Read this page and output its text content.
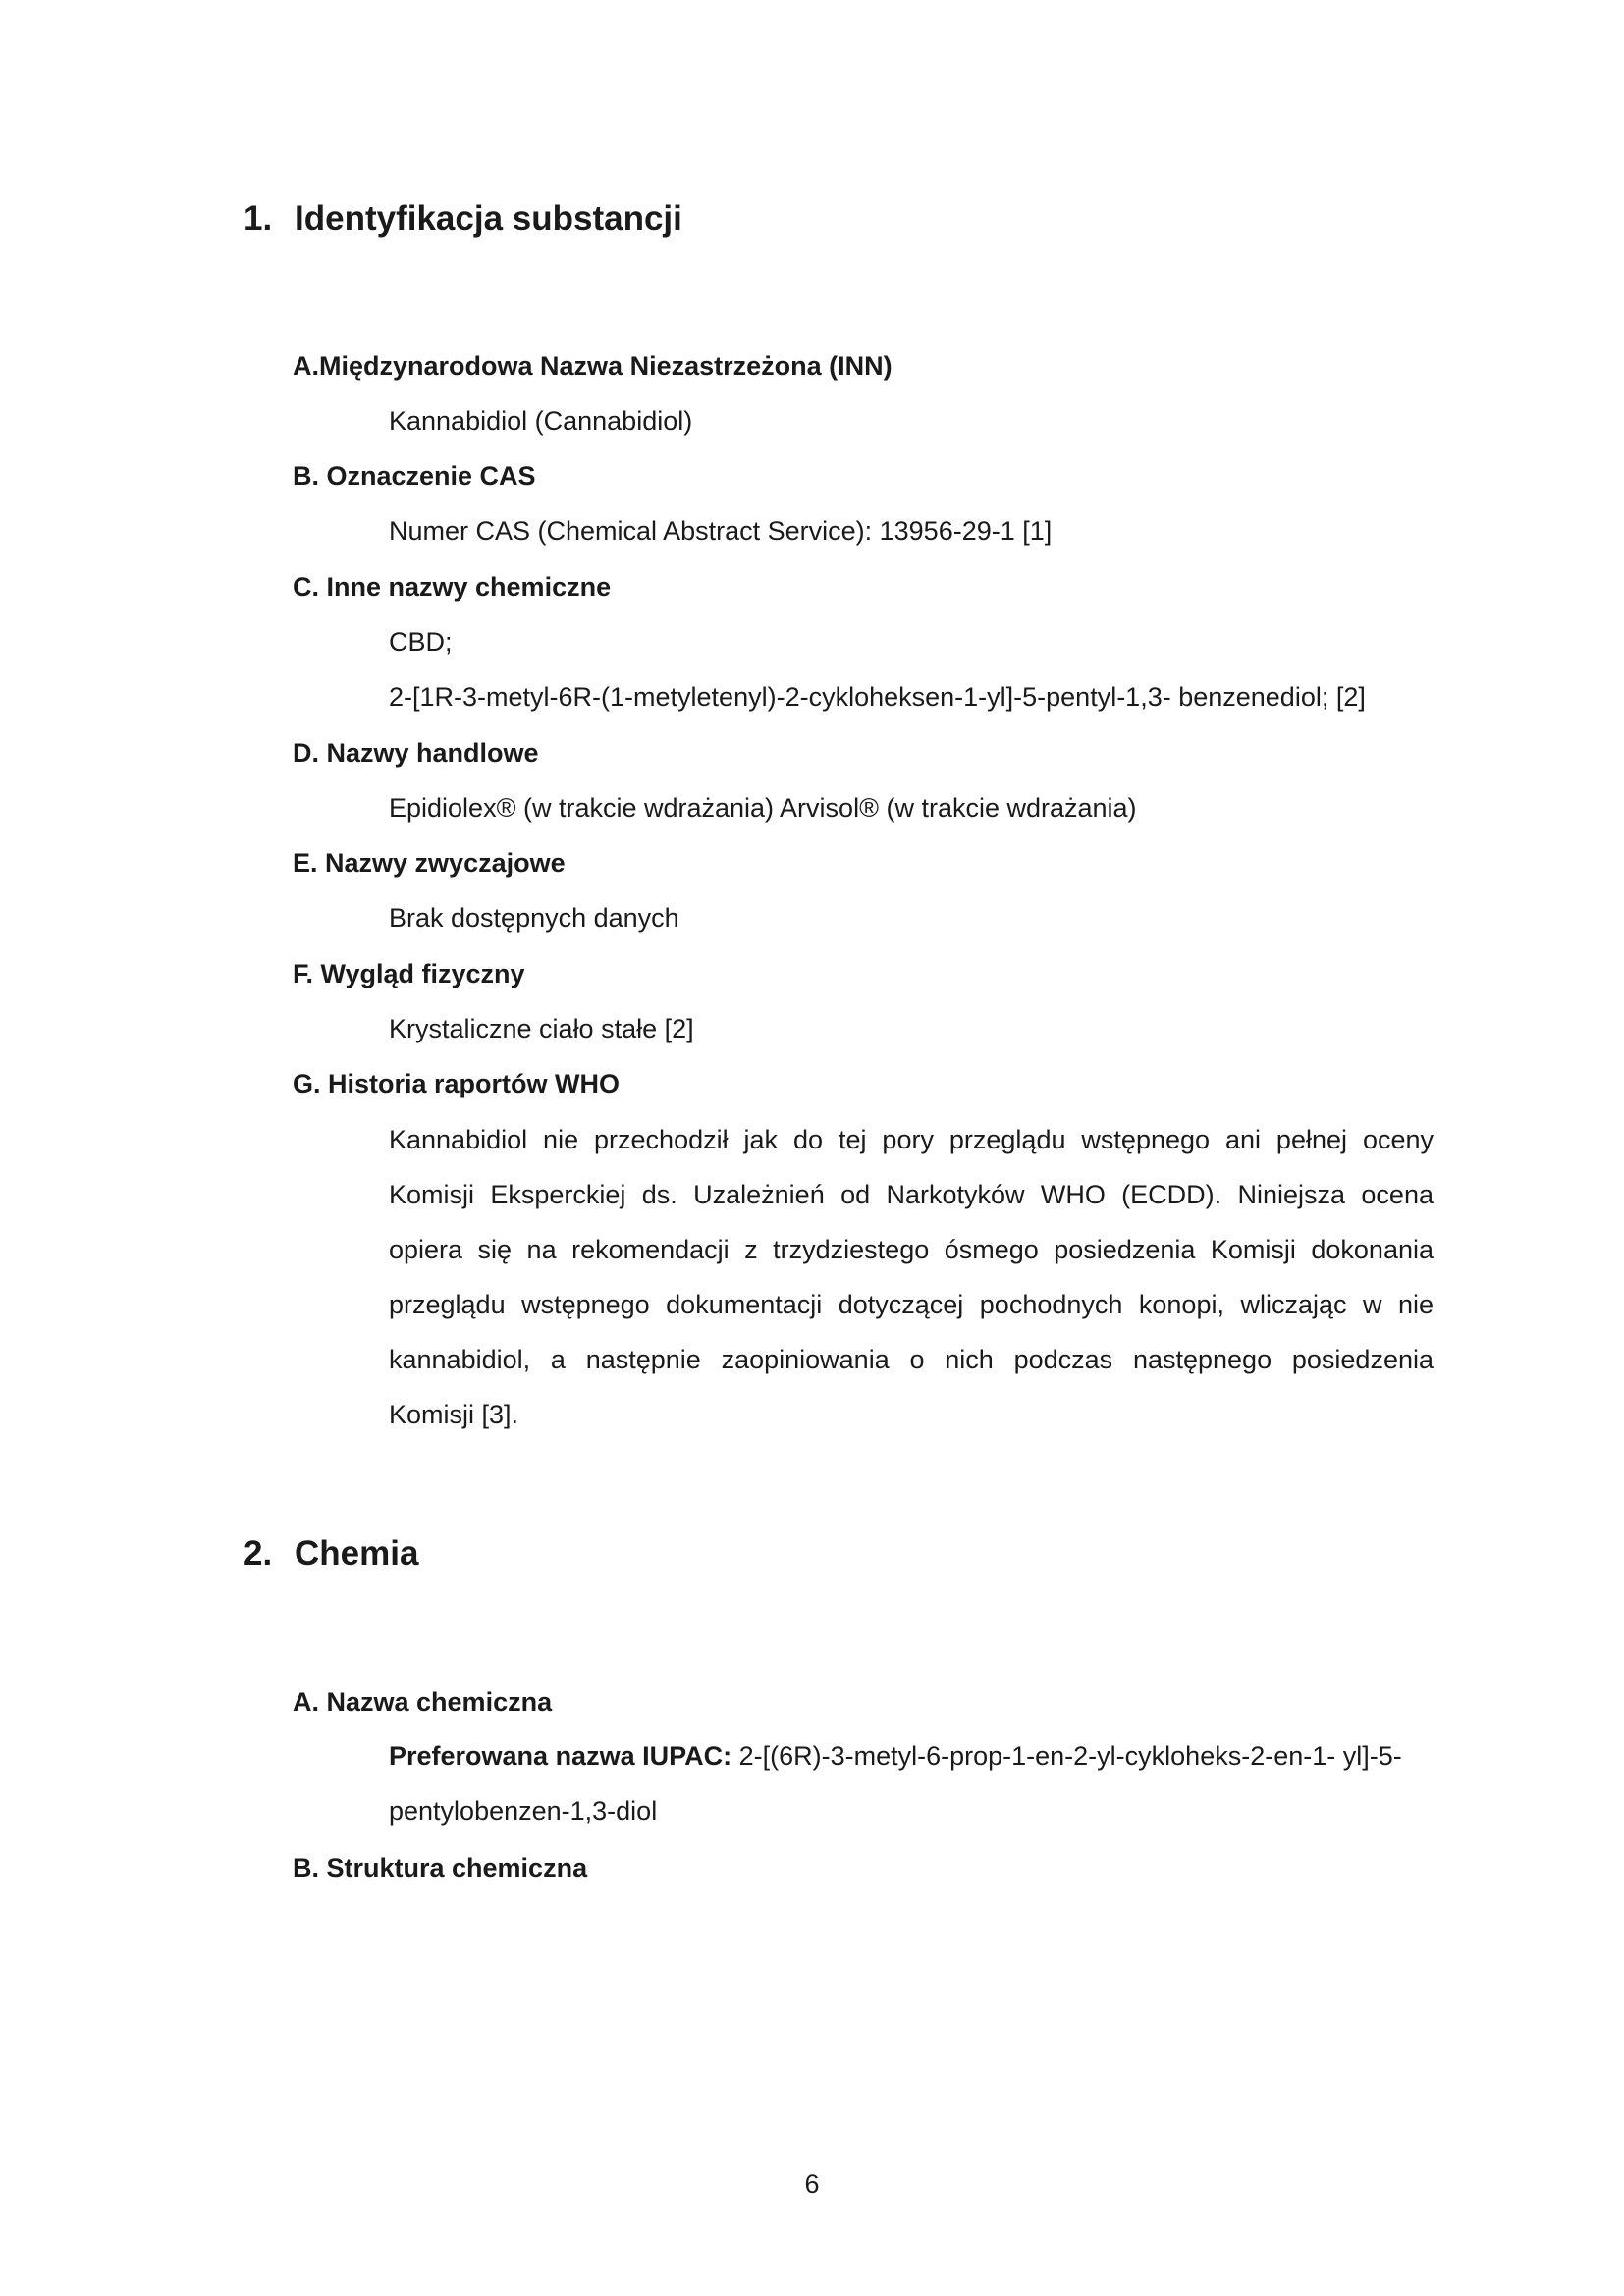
1. Identyfikacja substancji
A.Międzynarodowa Nazwa Niezastrzeżona (INN)
Kannabidiol (Cannabidiol)
B. Oznaczenie CAS
Numer CAS (Chemical Abstract Service): 13956-29-1 [1]
C. Inne nazwy chemiczne
CBD;
2-[1R-3-metyl-6R-(1-metyletenyl)-2-cykloheksen-1-yl]-5-pentyl-1,3- benzenediol; [2]
D. Nazwy handlowe
Epidiolex® (w trakcie wdrażania) Arvisol® (w trakcie wdrażania)
E. Nazwy zwyczajowe
Brak dostępnych danych
F. Wygląd fizyczny
Krystaliczne ciało stałe [2]
G. Historia raportów WHO
Kannabidiol nie przechodził jak do tej pory przeglądu wstępnego ani pełnej oceny
Komisji Eksperckiej ds. Uzależnień od Narkotyków WHO (ECDD). Niniejsza ocena
opiera się na rekomendacji z trzydziestego ósmego posiedzenia Komisji dokonania
przeglądu wstępnego dokumentacji dotyczącej pochodnych konopi, wliczając w nie
kannabidiol, a następnie zaopiniowania o nich podczas następnego posiedzenia
Komisji [3].
2. Chemia
A. Nazwa chemiczna
Preferowana nazwa IUPAC: 2-[(6R)-3-metyl-6-prop-1-en-2-yl-cykloheks-2-en-1- yl]-5-
pentylobenzen-1,3-diol
B. Struktura chemiczna
6
